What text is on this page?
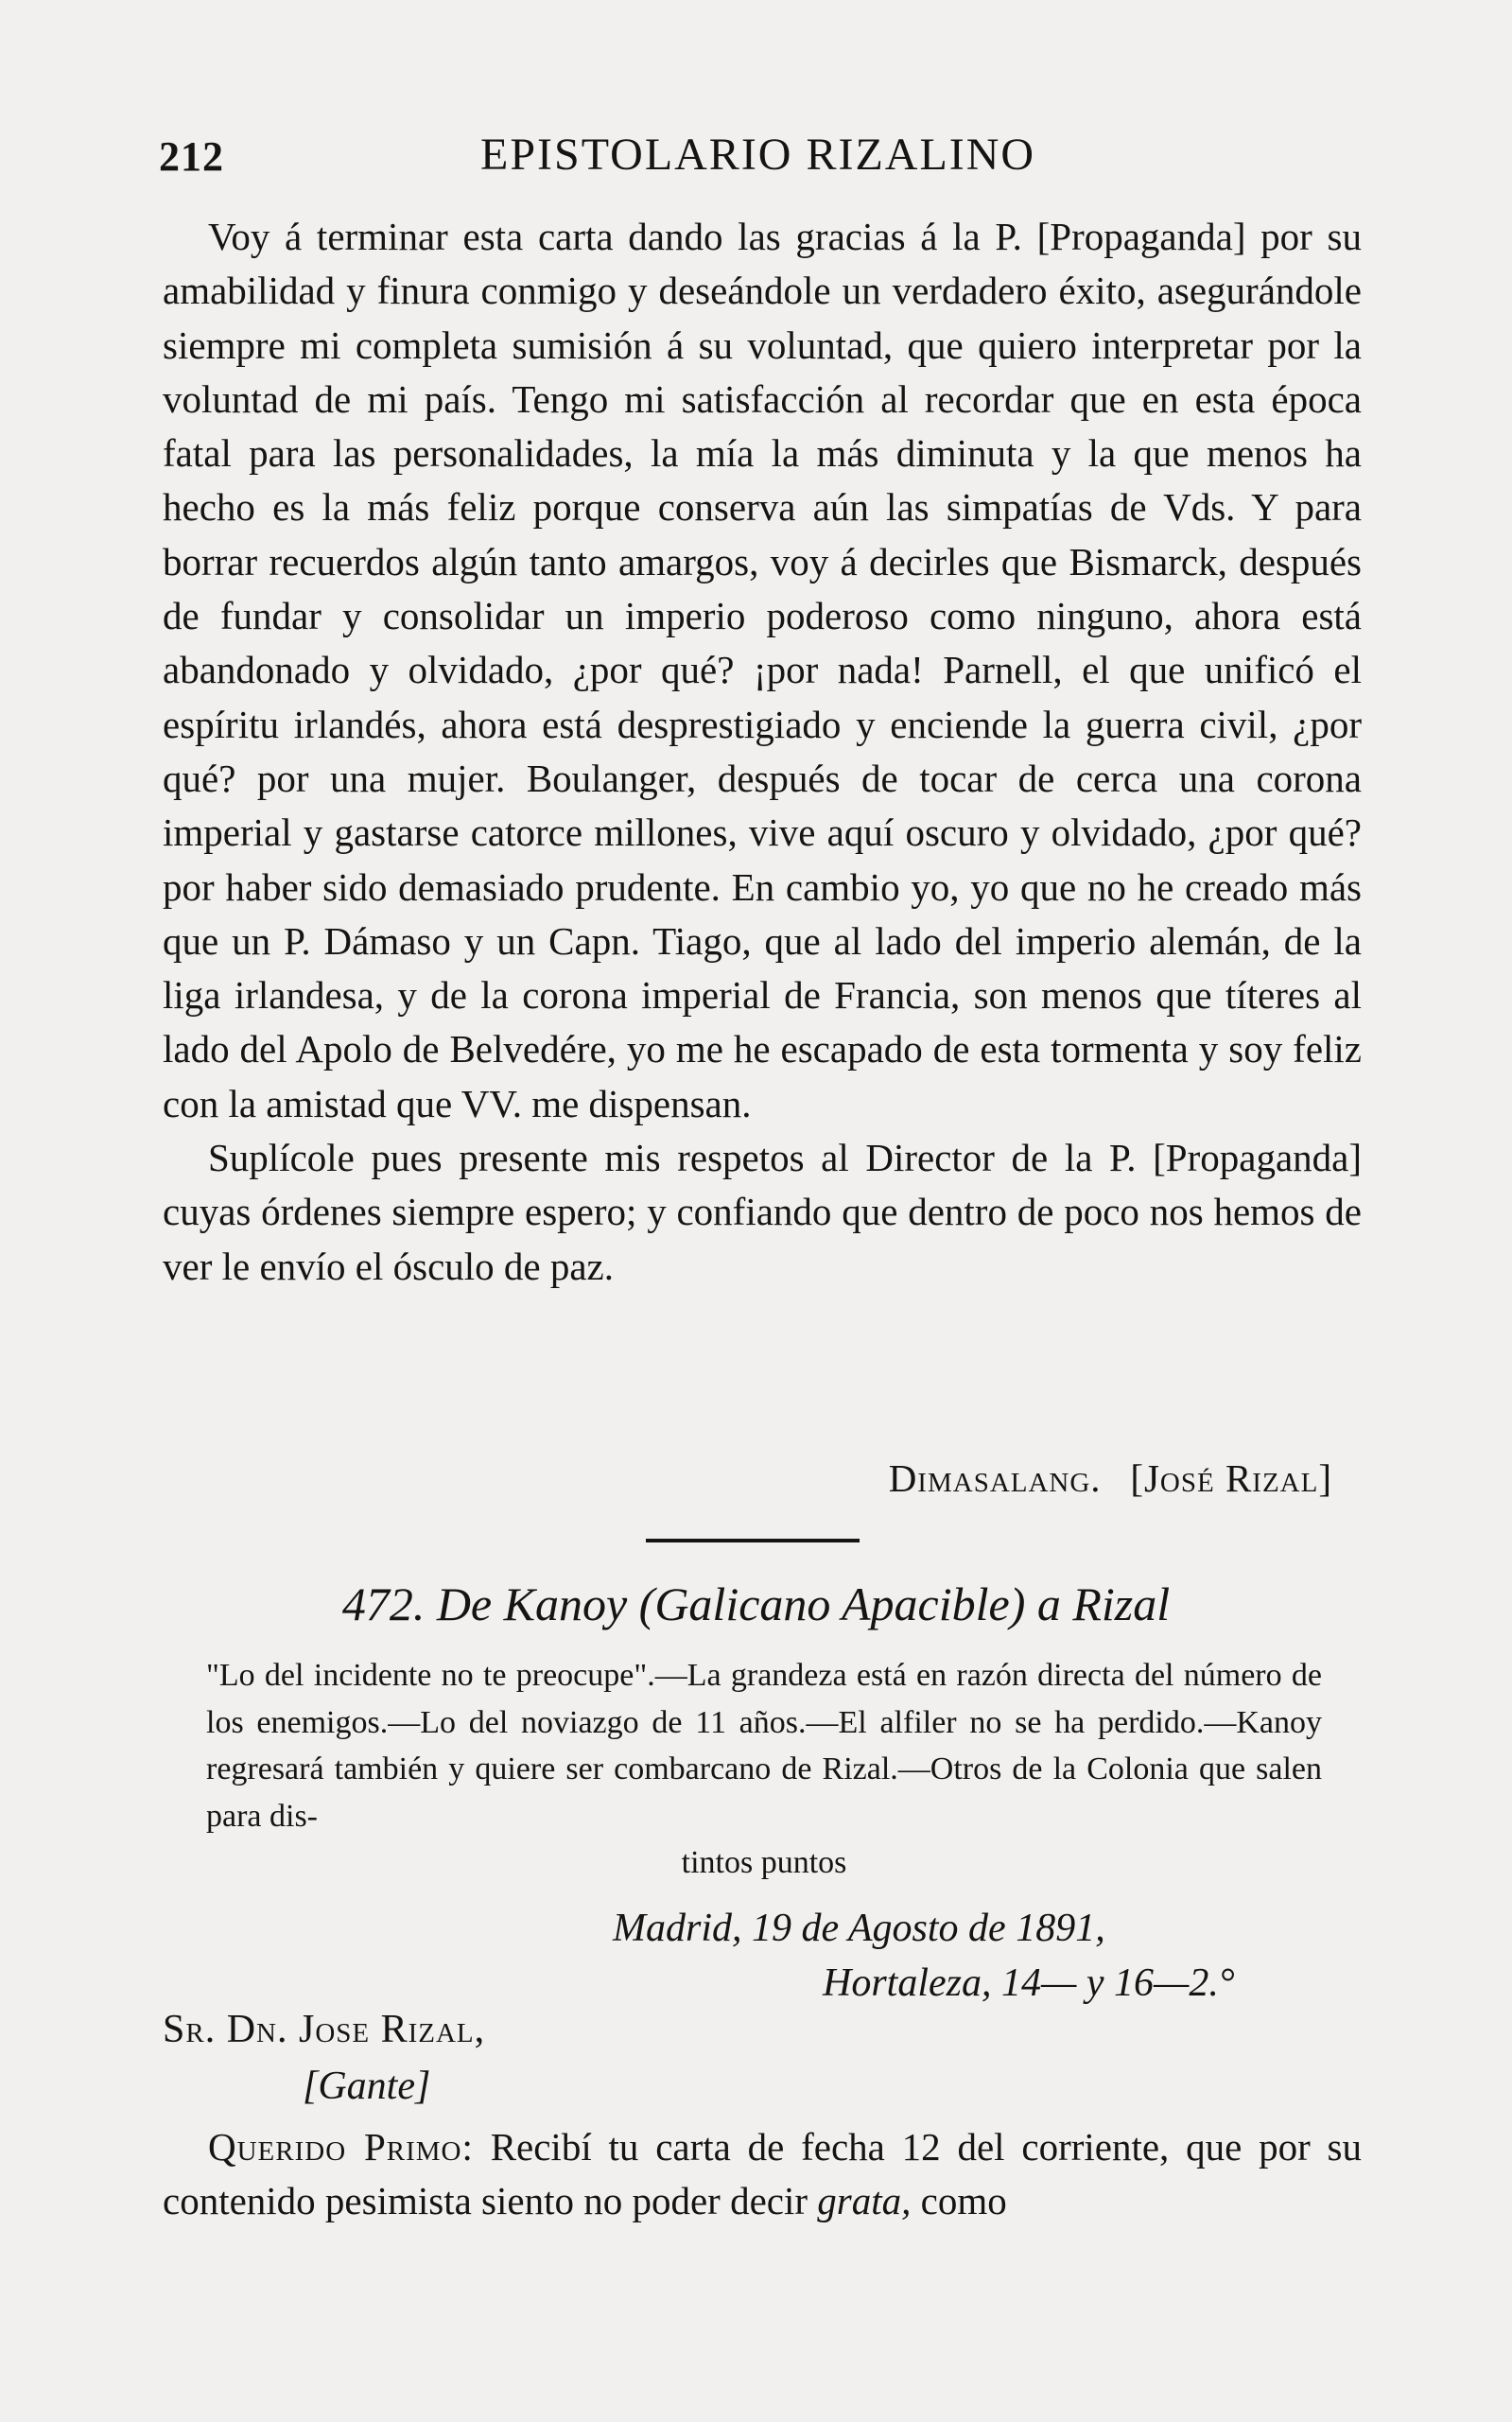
212	EPISTOLARIO RIZALINO

Voy á terminar esta carta dando las gracias á la P. [Propaganda] por su amabilidad y finura conmigo y deseándole un verdadero éxito, asegurándole siempre mi completa sumisión á su voluntad, que quiero interpretar por la voluntad de mi país. Tengo mi satisfacción al recordar que en esta época fatal para las personalidades, la mía la más diminuta y la que menos ha hecho es la más feliz porque conserva aún las simpatías de Vds. Y para borrar recuerdos algún tanto amargos, voy á decirles que Bismarck, después de fundar y consolidar un imperio poderoso como ninguno, ahora está abandonado y olvidado, ¿por qué? ¡por nada! Parnell, el que unificó el espíritu irlandés, ahora está desprestigiado y enciende la guerra civil, ¿por qué? por una mujer. Boulanger, después de tocar de cerca una corona imperial y gastarse catorce millones, vive aquí oscuro y olvidado, ¿por qué? por haber sido demasiado prudente. En cambio yo, yo que no he creado más que un P. Dámaso y un Capn. Tiago, que al lado del imperio alemán, de la liga irlandesa, y de la corona imperial de Francia, son menos que títeres al lado del Apolo de Belvedére, yo me he escapado de esta tormenta y soy feliz con la amistad que VV. me dispensan.

Suplícole pues presente mis respetos al Director de la P. [Propaganda] cuyas órdenes siempre espero; y confiando que dentro de poco nos hemos de ver le envío el ósculo de paz.

Dimasalang. [José Rizal]
472. De Kanoy (Galicano Apacible) a Rizal

"Lo del incidente no te preocupe".—La grandeza está en razón directa del número de los enemigos.—Lo del noviazgo de 11 años.—El alfiler no se ha perdido.—Kanoy regresará también y quiere ser combarcano de Rizal.—Otros de la Colonia que salen para dis-
tintos puntos

Madrid, 19 de Agosto de 1891,
Hortaleza, 14— y 16—2.°
Sr. Dn. Jose Rizal,
[Gante]

Querido Primo: Recibí tu carta de fecha 12 del corriente, que por su contenido pesimista siento no poder decir grata, como
